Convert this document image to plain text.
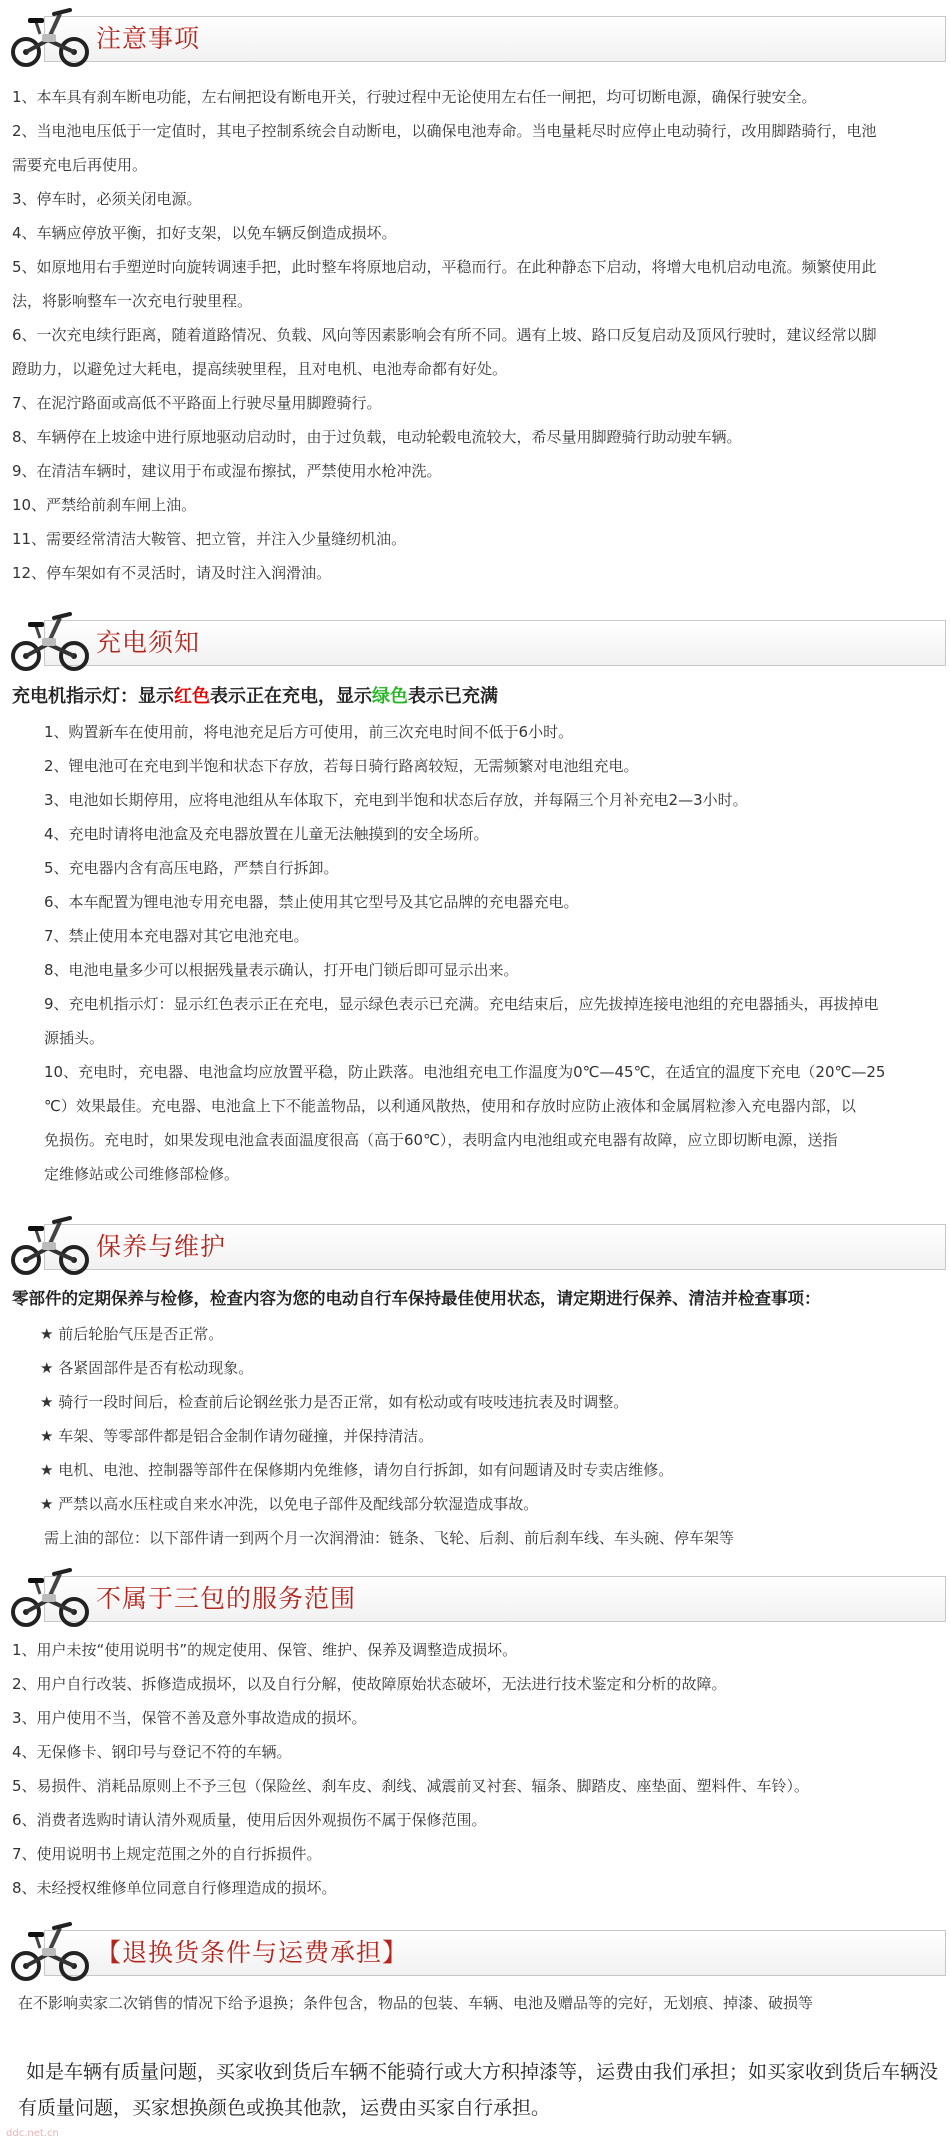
注意事项

1、本车具有刹车断电功能，左右闸把设有断电开关，行驶过程中无论使用左右任一闸把，均可切断电源，确保行驶安全。

2、当电池电压低于一定值时，其电子控制系统会自动断电，以确保电池寿命。当电量耗尽时应停止电动骑行，改用脚踏骑行，电池
需要充电后再使用。

3、停车时，必须关闭电源。

4、车辆应停放平衡，扣好支架，以免车辆反倒造成损坏。

5、如原地用右手塑逆时向旋转调速手把，此时整车将原地启动，平稳而行。在此种静态下启动，将增大电机启动电流。频繁使用此
法，将影响整车一次充电行驶里程。

6、一次充电续行距离，随着道路情况、负载、风向等因素影响会有所不同。遇有上坡、路口反复启动及顶风行驶时，建议经常以脚
蹬助力，以避免过大耗电，提高续驶里程，且对电机、电池寿命都有好处。

7、在泥泞路面或高低不平路面上行驶尽量用脚蹬骑行。

8、车辆停在上坡途中进行原地驱动启动时，由于过负载，电动轮毂电流较大，希尽量用脚蹬骑行助动驶车辆。

9、在清洁车辆时，建议用于布或湿布擦拭，严禁使用水枪冲洗。

10、严禁给前刹车闸上油。

11、需要经常清洁大鞍管、把立管，并注入少量缝纫机油。

12、停车架如有不灵活时，请及时注入润滑油。

充电须知

充电机指示灯：显示红色表示正在充电，显示绿色表示已充满

1、购置新车在使用前，将电池充足后方可使用，前三次充电时间不低于6小时。

2、锂电池可在充电到半饱和状态下存放，若每日骑行路离较短，无需频繁对电池组充电。

3、电池如长期停用，应将电池组从车体取下，充电到半饱和状态后存放，并每隔三个月补充电2—3小时。

4、充电时请将电池盒及充电器放置在儿童无法触摸到的安全场所。

5、充电器内含有高压电路，严禁自行拆卸。

6、本车配置为锂电池专用充电器，禁止使用其它型号及其它品牌的充电器充电。

7、禁止使用本充电器对其它电池充电。

8、电池电量多少可以根据残量表示确认，打开电门锁后即可显示出来。

9、充电机指示灯：显示红色表示正在充电，显示绿色表示已充满。充电结束后，应先拔掉连接电池组的充电器插头，再拔掉电
源插头。

10、充电时，充电器、电池盒均应放置平稳，防止跌落。电池组充电工作温度为0℃—45℃，在适宜的温度下充电（20℃—25
℃）效果最佳。充电器、电池盒上下不能盖物品，以利通风散热，使用和存放时应防止液体和金属屑粒渗入充电器内部，以
免损伤。充电时，如果发现电池盒表面温度很高（高于60℃），表明盒内电池组或充电器有故障，应立即切断电源，送指
定维修站或公司维修部检修。

保养与维护

零部件的定期保养与检修，检查内容为您的电动自行车保持最佳使用状态，请定期进行保养、清洁并检查事项：

★ 前后轮胎气压是否正常。

★ 各紧固部件是否有松动现象。

★ 骑行一段时间后，检查前后论钢丝张力是否正常，如有松动或有吱吱违抗表及时调整。

★ 车架、等零部件都是铝合金制作请勿碰撞，并保持清洁。

★ 电机、电池、控制器等部件在保修期内免维修，请勿自行拆卸，如有问题请及时专卖店维修。

★ 严禁以高水压柱或自来水冲洗，以免电子部件及配线部分软湿造成事故。

需上油的部位：以下部件请一到两个月一次润滑油：链条、飞轮、后刹、前后刹车线、车头碗、停车架等

不属于三包的服务范围

1、用户未按“使用说明书”的规定使用、保管、维护、保养及调整造成损坏。

2、用户自行改装、拆修造成损坏，以及自行分解，使故障原始状态破坏，无法进行技术鉴定和分析的故障。

3、用户使用不当，保管不善及意外事故造成的损坏。

4、无保修卡、钢印号与登记不符的车辆。

5、易损件、消耗品原则上不予三包（保险丝、刹车皮、刹线、减震前叉衬套、辐条、脚踏皮、座垫面、塑料件、车铃）。

6、消费者选购时请认清外观质量，使用后因外观损伤不属于保修范围。

7、使用说明书上规定范围之外的自行拆损件。

8、未经授权维修单位同意自行修理造成的损坏。

【退换货条件与运费承担】

在不影响卖家二次销售的情况下给予退换；条件包含，物品的包装、车辆、电池及赠品等的完好，无划痕、掉漆、破损等

如是车辆有质量问题，买家收到货后车辆不能骑行或大方积掉漆等，运费由我们承担；如买家收到货后车辆没有质量问题，买家想换颜色或换其他款，运费由买家自行承担。

ddc.net.cn
